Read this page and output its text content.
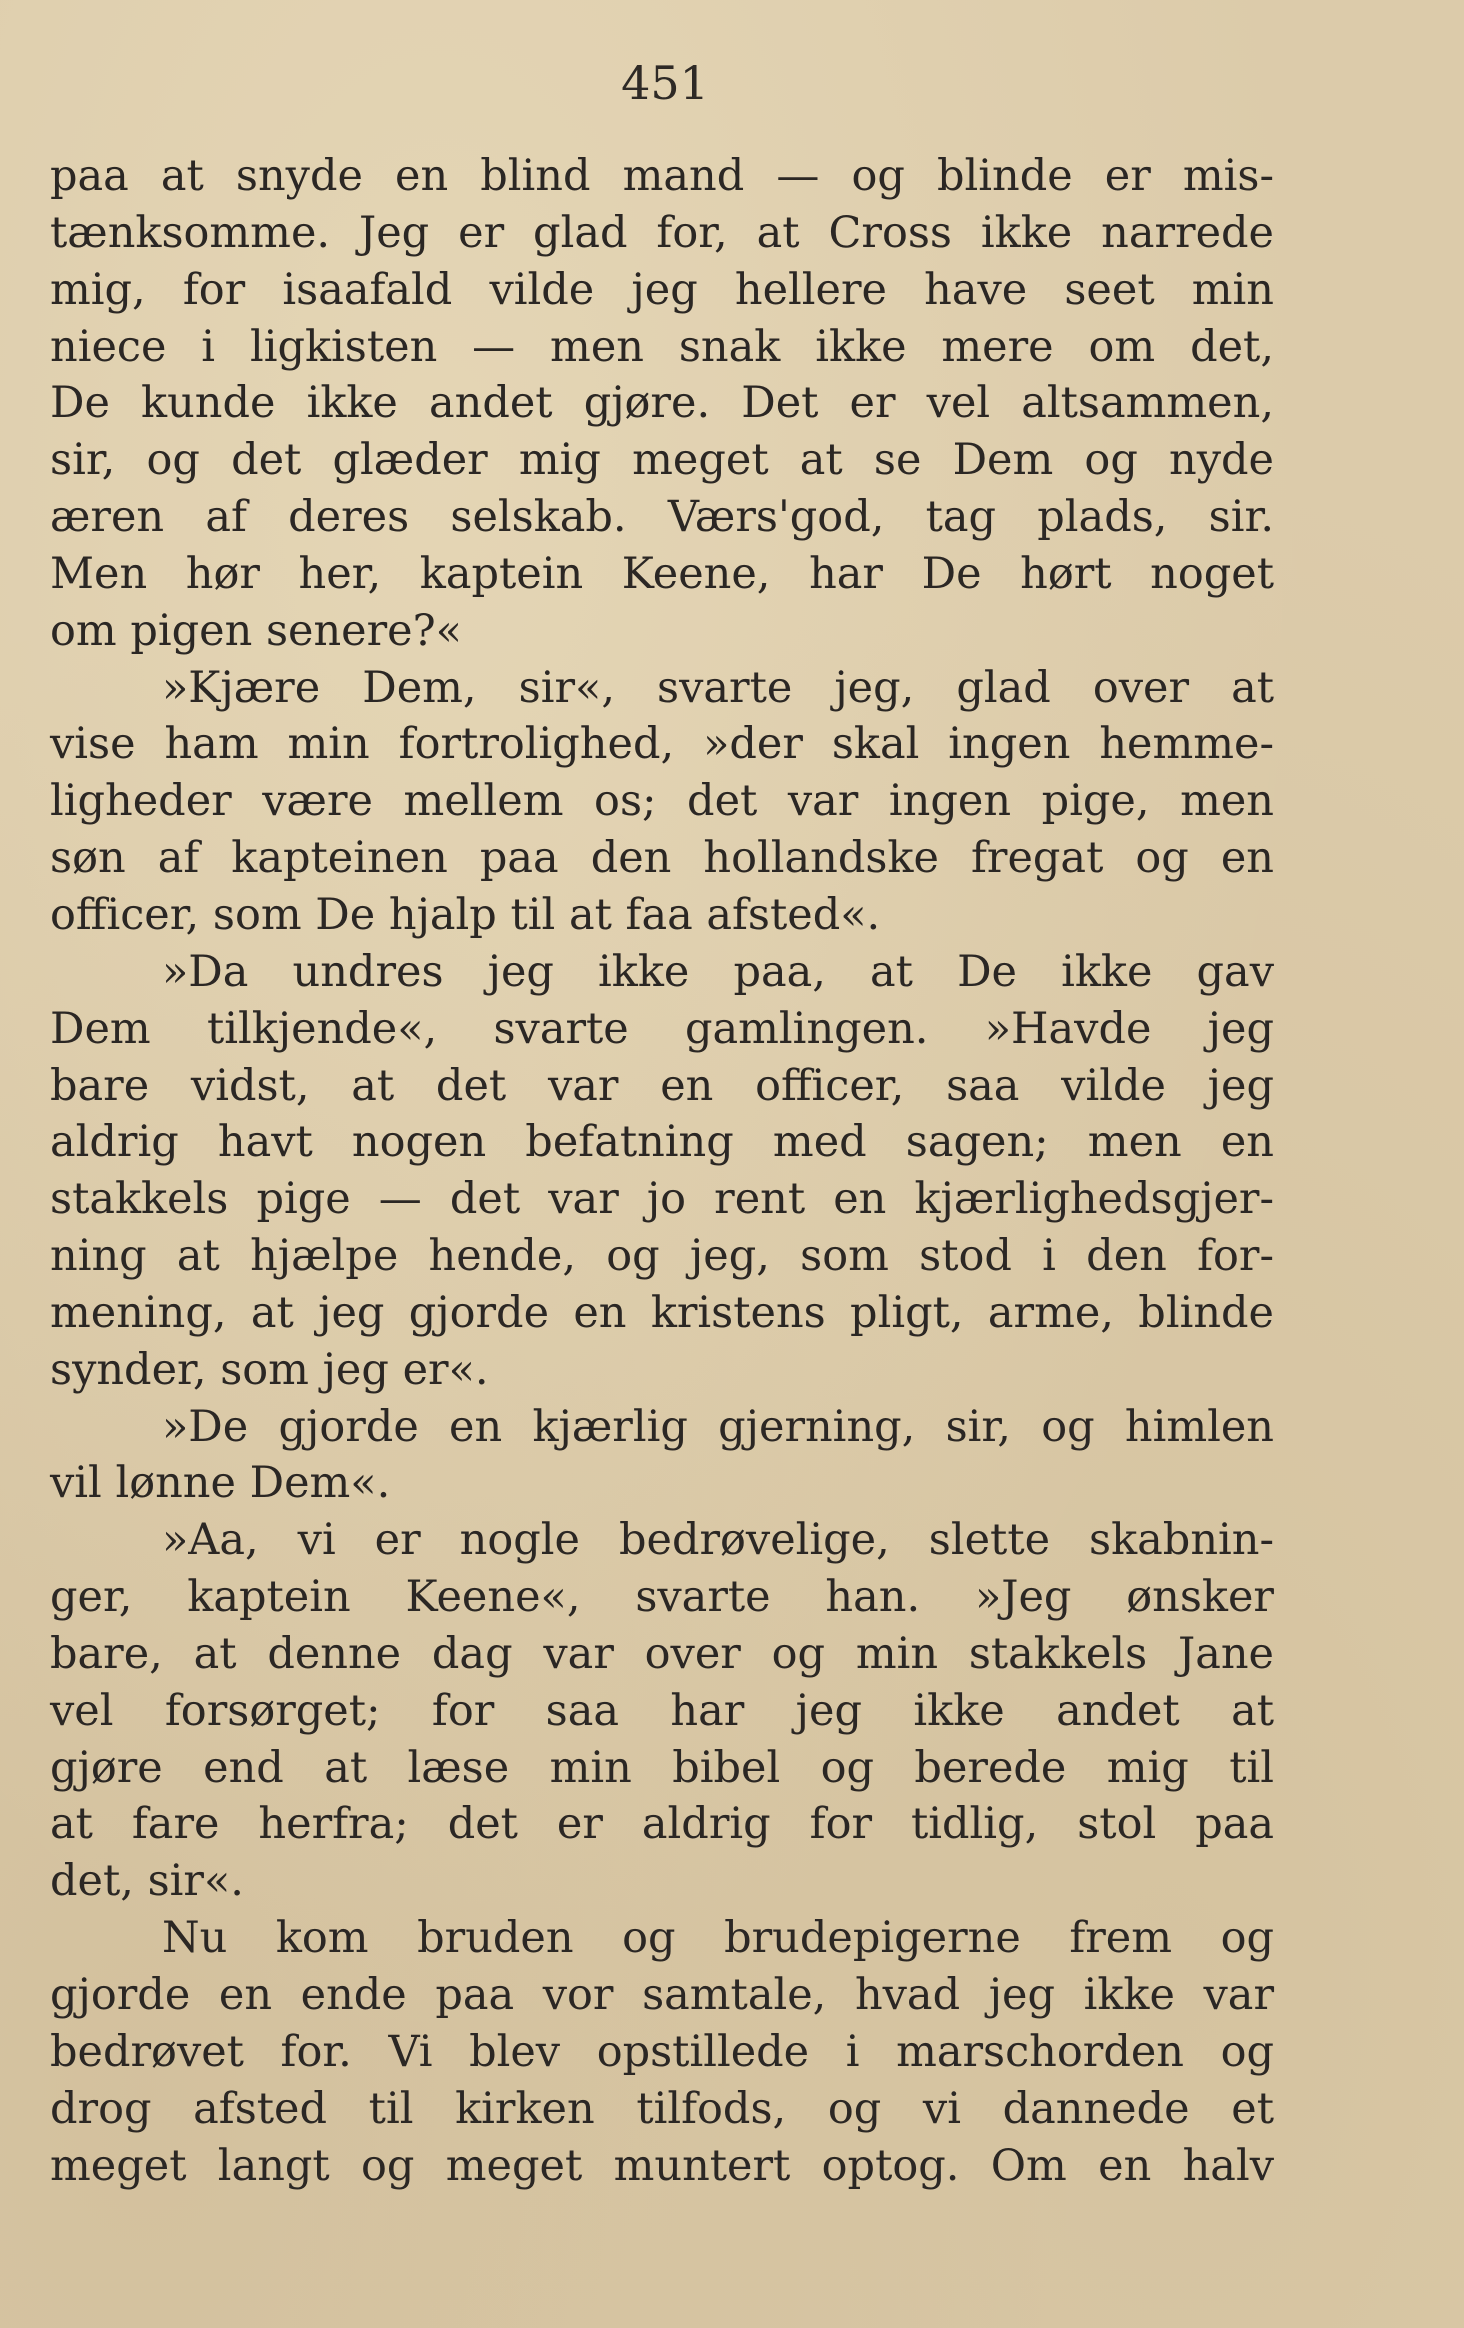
451
paa at snyde en blind mand — og blinde er mis-
tænksomme. Jeg er glad for, at Cross ikke narrede
mig, for isaafald vilde jeg hellere have seet min
niece i ligkisten — men snak ikke mere om det,
De kunde ikke andet gjøre. Det er vel altsammen,
sir, og det glæder mig meget at se Dem og nyde
æren af deres selskab. Værs'god, tag plads, sir.
Men hør her, kaptein Keene, har De hørt noget
om pigen senere?«
»Kjære Dem, sir«, svarte jeg, glad over at
vise ham min fortrolighed, »der skal ingen hemme-
ligheder være mellem os; det var ingen pige, men
søn af kapteinen paa den hollandske fregat og en
officer, som De hjalp til at faa afsted«.
»Da undres jeg ikke paa, at De ikke gav
Dem tilkjende«, svarte gamlingen. »Havde jeg
bare vidst, at det var en officer, saa vilde jeg
aldrig havt nogen befatning med sagen; men en
stakkels pige — det var jo rent en kjærlighedsgjer-
ning at hjælpe hende, og jeg, som stod i den for-
mening, at jeg gjorde en kristens pligt, arme, blinde
synder, som jeg er«.
»De gjorde en kjærlig gjerning, sir, og himlen
vil lønne Dem«.
»Aa, vi er nogle bedrøvelige, slette skabnin-
ger, kaptein Keene«, svarte han. »Jeg ønsker
bare, at denne dag var over og min stakkels Jane
vel forsørget; for saa har jeg ikke andet at
gjøre end at læse min bibel og berede mig til
at fare herfra; det er aldrig for tidlig, stol paa
det, sir«.
Nu kom bruden og brudepigerne frem og
gjorde en ende paa vor samtale, hvad jeg ikke var
bedrøvet for. Vi blev opstillede i marschorden og
drog afsted til kirken tilfods, og vi dannede et
meget langt og meget muntert optog. Om en halv
